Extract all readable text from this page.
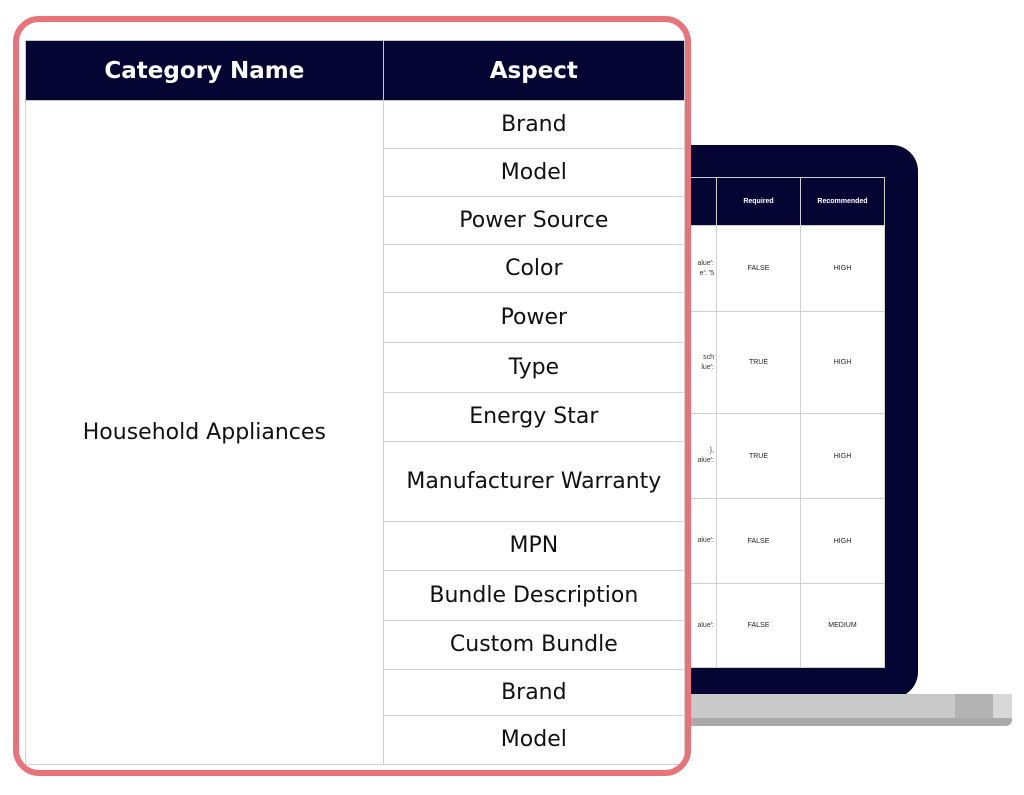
	Required	Recommended
alue':
e': '5	FALSE	HIGH
sch
lue':	TRUE	HIGH
},
alue':	TRUE	HIGH
alue':	FALSE	HIGH
alue':	FALSE	MEDIUM
Category Name	Aspect
Household Appliances	Brand
	Model
	Power Source
	Color
	Power
	Type
	Energy Star
	Manufacturer Warranty
	MPN
	Bundle Description
	Custom Bundle
	Brand
	Model
